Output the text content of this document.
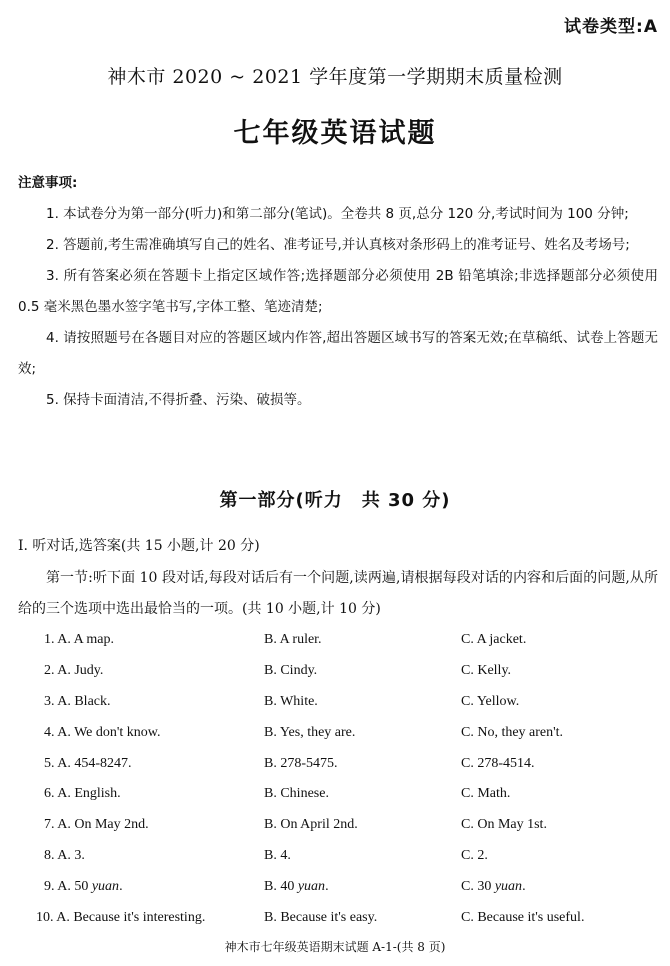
试卷类型:A
神木市 2020 ~ 2021 学年度第一学期期末质量检测
七年级英语试题
注意事项:
1. 本试卷分为第一部分(听力)和第二部分(笔试)。全卷共 8 页,总分 120 分,考试时间为 100 分钟;
2. 答题前,考生需准确填写自己的姓名、准考证号,并认真核对条形码上的准考证号、姓名及考场号;
3. 所有答案必须在答题卡上指定区域作答;选择题部分必须使用 2B 铅笔填涂;非选择题部分必须使用 0.5 毫米黑色墨水签字笔书写,字体工整、笔迹清楚;
4. 请按照题号在各题目对应的答题区域内作答,超出答题区域书写的答案无效;在草稿纸、试卷上答题无效;
5. 保持卡面清洁,不得折叠、污染、破损等。
第一部分(听力　共 30 分)
Ⅰ. 听对话,选答案(共 15 小题,计 20 分)
第一节:听下面 10 段对话,每段对话后有一个问题,读两遍,请根据每段对话的内容和后面的问题,从所给的三个选项中选出最恰当的一项。(共 10 小题,计 10 分)
1. A. A map.	B. A ruler.	C. A jacket.
2. A. Judy.	B. Cindy.	C. Kelly.
3. A. Black.	B. White.	C. Yellow.
4. A. We don't know.	B. Yes, they are.	C. No, they aren't.
5. A. 454-8247.	B. 278-5475.	C. 278-4514.
6. A. English.	B. Chinese.	C. Math.
7. A. On May 2nd.	B. On April 2nd.	C. On May 1st.
8. A. 3.	B. 4.	C. 2.
9. A. 50 yuan.	B. 40 yuan.	C. 30 yuan.
10. A. Because it's interesting.	B. Because it's easy.	C. Because it's useful.
神木市七年级英语期末试题 A-1-(共 8 页)
